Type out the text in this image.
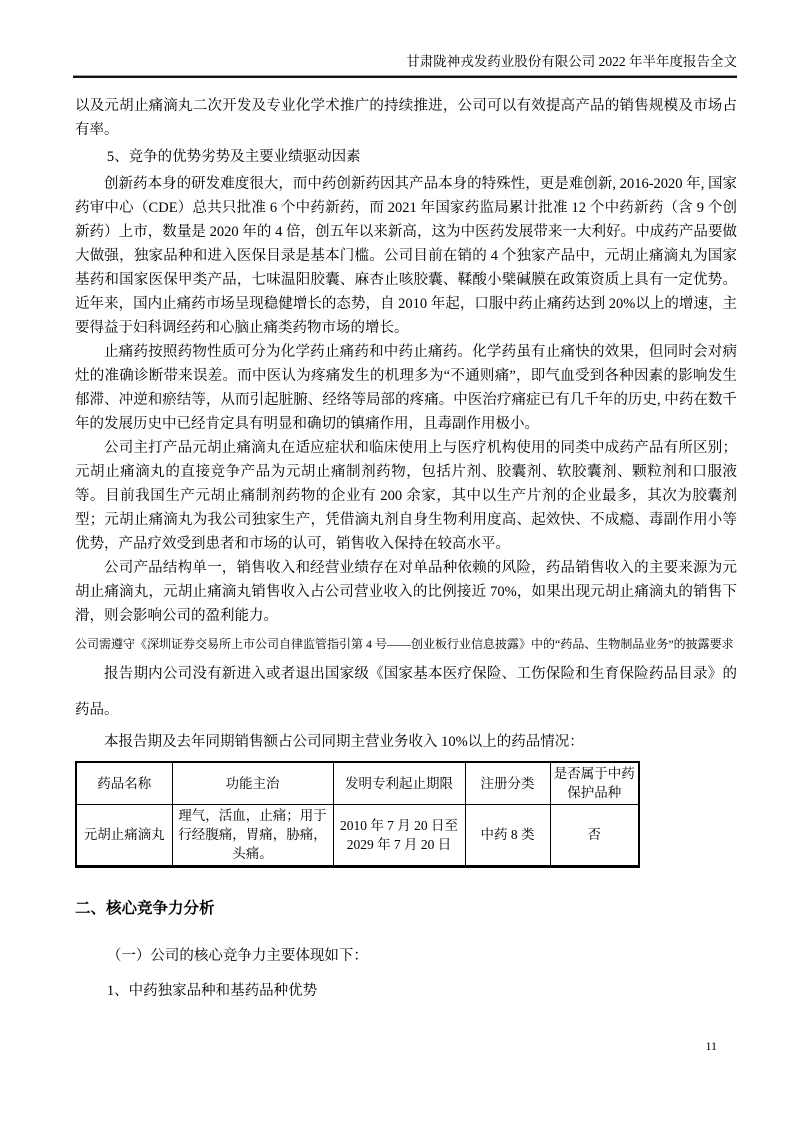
甘肃陇神戎发药业股份有限公司 2022 年半年度报告全文

以及元胡止痛滴丸二次开发及专业化学术推广的持续推进，公司可以有效提高产品的销售规模及市场占有率。

5、竞争的优势劣势及主要业绩驱动因素

创新药本身的研发难度很大，而中药创新药因其产品本身的特殊性，更是难创新, 2016-2020 年, 国家药审中心（CDE）总共只批准 6 个中药新药，而 2021 年国家药监局累计批准 12 个中药新药（含 9 个创新药）上市，数量是 2020 年的 4 倍，创五年以来新高，这为中医药发展带来一大利好。中成药产品要做大做强，独家品种和进入医保目录是基本门槛。公司目前在销的 4 个独家产品中，元胡止痛滴丸为国家基药和国家医保甲类产品，七味温阳胶囊、麻杏止咳胶囊、鞣酸小檗碱膜在政策资质上具有一定优势。近年来，国内止痛药市场呈现稳健增长的态势，自 2010 年起，口服中药止痛药达到 20%以上的增速，主要得益于妇科调经药和心脑止痛类药物市场的增长。

止痛药按照药物性质可分为化学药止痛药和中药止痛药。化学药虽有止痛快的效果，但同时会对病灶的准确诊断带来误差。而中医认为疼痛发生的机理多为“不通则痛”，即气血受到各种因素的影响发生郁滞、冲逆和瘀结等，从而引起脏腑、经络等局部的疼痛。中医治疗痛症已有几千年的历史, 中药在数千年的发展历史中已经肯定具有明显和确切的镇痛作用，且毒副作用极小。

公司主打产品元胡止痛滴丸在适应症状和临床使用上与医疗机构使用的同类中成药产品有所区别；元胡止痛滴丸的直接竞争产品为元胡止痛制剂药物，包括片剂、胶囊剂、软胶囊剂、颗粒剂和口服液等。目前我国生产元胡止痛制剂药物的企业有 200 余家，其中以生产片剂的企业最多，其次为胶囊剂型；元胡止痛滴丸为我公司独家生产，凭借滴丸剂自身生物利用度高、起效快、不成瘾、毒副作用小等优势，产品疗效受到患者和市场的认可，销售收入保持在较高水平。

公司产品结构单一，销售收入和经营业绩存在对单品种依赖的风险，药品销售收入的主要来源为元胡止痛滴丸，元胡止痛滴丸销售收入占公司营业收入的比例接近 70%，如果出现元胡止痛滴丸的销售下滑，则会影响公司的盈利能力。

公司需遵守《深圳证券交易所上市公司自律监管指引第 4 号——创业板行业信息披露》中的“药品、生物制品业务”的披露要求

报告期内公司没有新进入或者退出国家级《国家基本医疗保险、工伤保险和生育保险药品目录》的药品。

本报告期及去年同期销售额占公司同期主营业务收入 10%以上的药品情况：

药品名称	功能主治	发明专利起止期限	注册分类	是否属于中药保护品种
元胡止痛滴丸	理气，活血，止痛；用于行经腹痛，胃痛，胁痛，头痛。	2010 年 7 月 20 日至 2029 年 7 月 20 日	中药 8 类	否
二、核心竞争力分析

（一）公司的核心竞争力主要体现如下：

1、中药独家品种和基药品种优势

11
